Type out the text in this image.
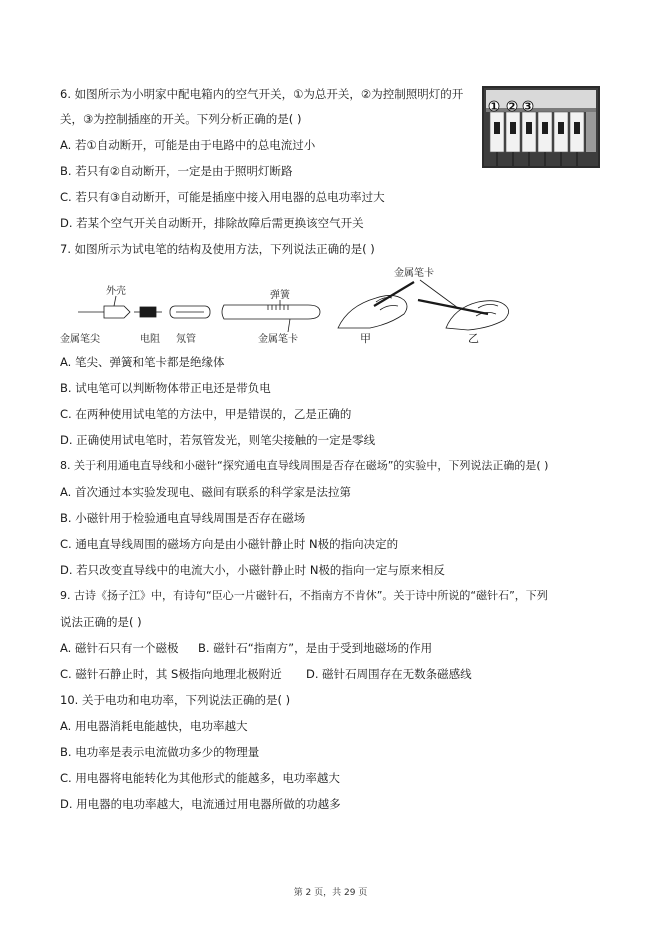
6. 如图所示为小明家中配电箱内的空气开关，①为总开关，②为控制照明灯的开
关，③为控制插座的开关。下列分析正确的是( )
A. 若①自动断开，可能是由于电路中的总电流过小
B. 若只有②自动断开，一定是由于照明灯断路
C. 若只有③自动断开，可能是插座中接入用电器的总电功率过大
D. 若某个空气开关自动断开，排除故障后需更换该空气开关
1 2 3
7. 如图所示为试电笔的结构及使用方法，下列说法正确的是( )
外壳	弹簧
金属笔卡
金属笔尖	电阻 氖管	金属笔卡	甲	乙
A. 笔尖、弹簧和笔卡都是绝缘体
B. 试电笔可以判断物体带正电还是带负电
C. 在两种使用试电笔的方法中，甲是错误的，乙是正确的
D. 正确使用试电笔时，若氖管发光，则笔尖接触的一定是零线
8. 关于利用通电直导线和小磁针“探究通电直导线周围是否存在磁场”的实验中，下列说法正确的是( )
A. 首次通过本实验发现电、磁间有联系的科学家是法拉第
B. 小磁针用于检验通电直导线周围是否存在磁场
C. 通电直导线周围的磁场方向是由小磁针静止时 N极的指向决定的
D. 若只改变直导线中的电流大小，小磁针静止时 N极的指向一定与原来相反
9. 古诗《扬子江》中，有诗句“臣心一片磁针石，不指南方不肯休”。关于诗中所说的“磁针石”，下列
说法正确的是( )
A. 磁针石只有一个磁极 B. 磁针石“指南方”，是由于受到地磁场的作用
C. 磁针石静止时，其 S极指向地理北极附近 D. 磁针石周围存在无数条磁感线
10. 关于电功和电功率，下列说法正确的是( )
A. 用电器消耗电能越快，电功率越大
B. 电功率是表示电流做功多少的物理量
C. 用电器将电能转化为其他形式的能越多，电功率越大
D. 用电器的电功率越大，电流通过用电器所做的功越多
第 2 页，共 29 页
